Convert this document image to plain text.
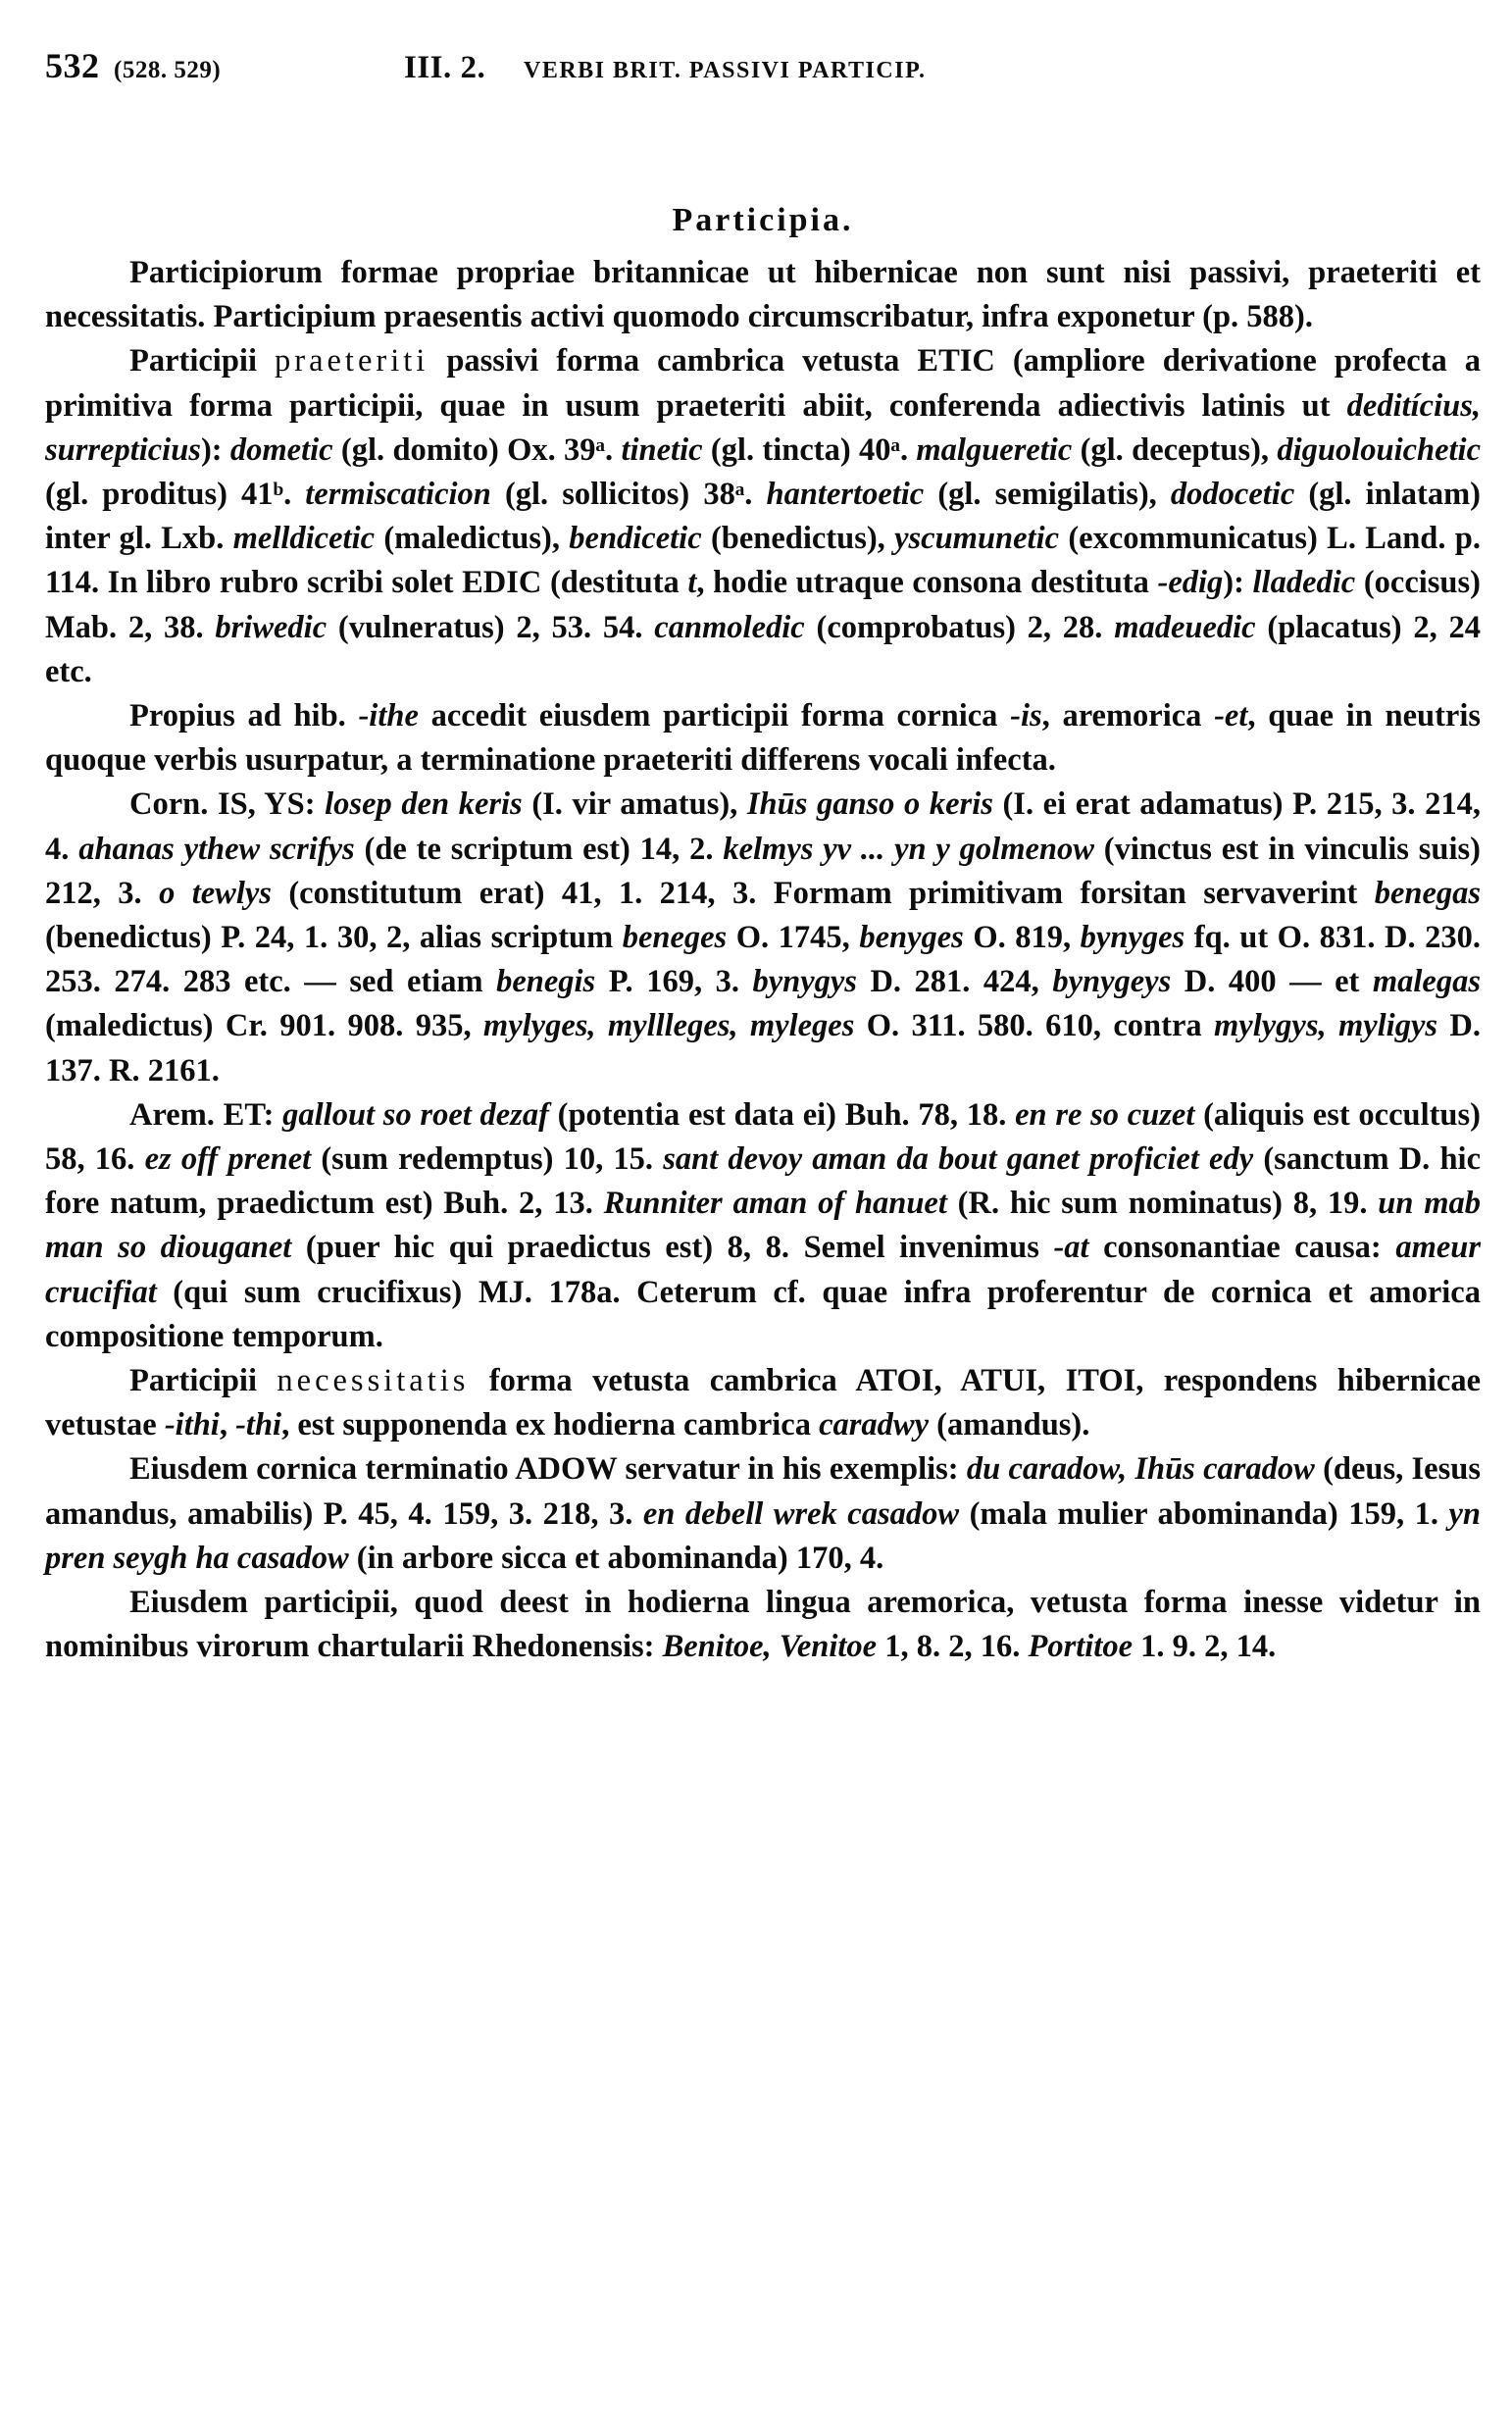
532 (528. 529)	III. 2.	VERBI BRIT. PASSIVI PARTICIP.
Participia.

Participiorum formae propriae britannicae ut hibernicae non sunt nisi passivi, praeteriti et necessitatis. Participium praesentis activi quomodo circumscribatur, infra exponetur (p. 588).

Participii praeteriti passivi forma cambrica vetusta ETIC (ampliore derivatione profecta a primitiva forma participii, quae in usum praeteriti abiit, conferenda adiectivis latinis ut deditícius, surrepticius): dometic (gl. domito) Ox. 39ᵃ. tinetic (gl. tincta) 40ᵃ. malgueretic (gl. deceptus), diguolouichetic (gl. proditus) 41ᵇ. termiscaticion (gl. sollicitos) 38ᵃ. hantertoetic (gl. semigilatis), dodocetic (gl. inlatam) inter gl. Lxb. melldicetic (maledictus), bendicetic (benedictus), yscumunetic (excommunicatus) L. Land. p. 114. In libro rubro scribi solet EDIC (destituta t, hodie utraque consona destituta -edig): lladedic (occisus) Mab. 2, 38. briwedic (vulneratus) 2, 53. 54. canmoledic (comprobatus) 2, 28. madeuedic (placatus) 2, 24 etc.

Propius ad hib. -ithe accedit eiusdem participii forma cornica -is, aremorica -et, quae in neutris quoque verbis usurpatur, a terminatione praeteriti differens vocali infecta.

Corn. IS, YS: losep den keris (I. vir amatus), Ihūs ganso o keris (I. ei erat adamatus) P. 215, 3. 214, 4. ahanas ythew scrifys (de te scriptum est) 14, 2. kelmys yv ... yn y golmenow (vinctus est in vinculis suis) 212, 3. o tewlys (constitutum erat) 41, 1. 214, 3. Formam primitivam forsitan servaverint benegas (benedictus) P. 24, 1. 30, 2, alias scriptum beneges O. 1745, benyges O. 819, bynyges fq. ut O. 831. D. 230. 253. 274. 283 etc. — sed etiam benegis P. 169, 3. bynygys D. 281. 424, bynygeys D. 400 — et malegas (maledictus) Cr. 901. 908. 935, mylyges, myllleges, myleges O. 311. 580. 610, contra mylygys, myligys D. 137. R. 2161.

Arem. ET: gallout so roet dezaf (potentia est data ei) Buh. 78, 18. en re so cuzet (aliquis est occultus) 58, 16. ez off prenet (sum redemptus) 10, 15. sant devoy aman da bout ganet proficiet edy (sanctum D. hic fore natum, praedictum est) Buh. 2, 13. Runniter aman of hanuet (R. hic sum nominatus) 8, 19. un mab man so diouganet (puer hic qui praedictus est) 8, 8. Semel invenimus -at consonantiae causa: ameur crucifiat (qui sum crucifixus) MJ. 178a. Ceterum cf. quae infra proferentur de cornica et amorica compositione temporum.

Participii necessitatis forma vetusta cambrica ATOI, ATUI, ITOI, respondens hibernicae vetustae -ithi, -thi, est supponenda ex hodierna cambrica caradwy (amandus).

Eiusdem cornica terminatio ADOW servatur in his exemplis: du caradow, Ihūs caradow (deus, Iesus amandus, amabilis) P. 45, 4. 159, 3. 218, 3. en debell wrek casadow (mala mulier abominanda) 159, 1. yn pren seygh ha casadow (in arbore sicca et abominanda) 170, 4.

Eiusdem participii, quod deest in hodierna lingua aremorica, vetusta forma inesse videtur in nominibus virorum chartularii Rhedonensis: Benitoe, Venitoe 1, 8. 2, 16. Portitoe 1. 9. 2, 14.
